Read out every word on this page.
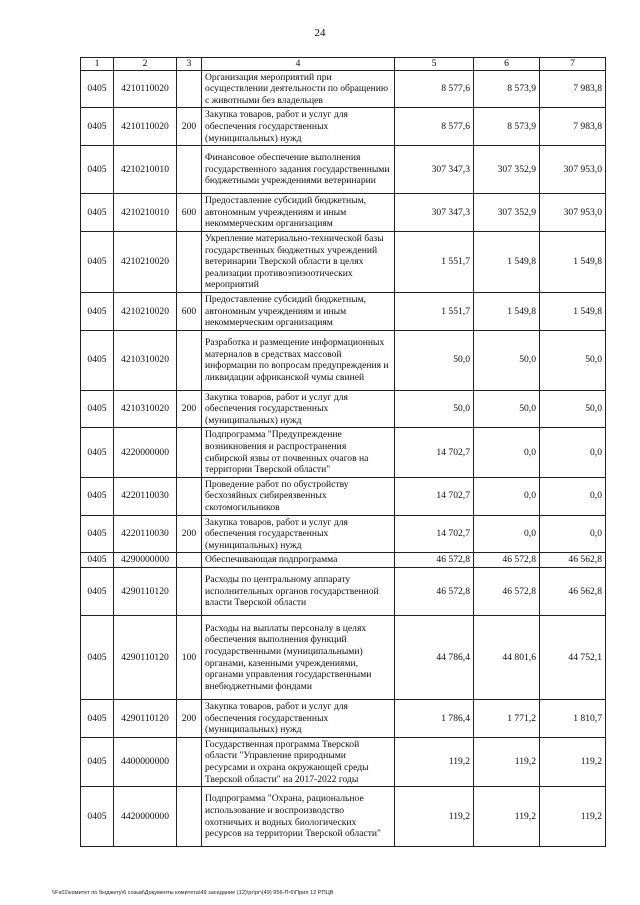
24
1	2	3	4	5	6	7
0405	4210110020		Организация мероприятий при осуществлении деятельности по обращению с животными без владельцев	8 577,6	8 573,9	7 983,8
0405	4210110020	200	Закупка товаров, работ и услуг для обеспечения государственных (муниципальных) нужд	8 577,6	8 573,9	7 983,8
0405	4210210010		Финансовое обеспечение выполнения государственного задания государственными бюджетными учреждениями ветеринарии	307 347,3	307 352,9	307 953,0
0405	4210210010	600	Предоставление субсидий бюджетным, автономным учреждениям и иным некоммерческим организациям	307 347,3	307 352,9	307 953,0
0405	4210210020		Укрепление материально-технической базы государственных бюджетных учреждений ветеринарии Тверской области в целях реализации противоэпизоотических мероприятий	1 551,7	1 549,8	1 549,8
0405	4210210020	600	Предоставление субсидий бюджетным, автономным учреждениям и иным некоммерческим организациям	1 551,7	1 549,8	1 549,8
0405	4210310020		Разработка и размещение информационных материалов в средствах массовой информации по вопросам предупреждения и ликвидации африканской чумы свиней	50,0	50,0	50,0
0405	4210310020	200	Закупка товаров, работ и услуг для обеспечения государственных (муниципальных) нужд	50,0	50,0	50,0
0405	4220000000		Подпрограмма "Предупреждение возникновения и распространения сибирской язвы от почвенных очагов на территории Тверской области"	14 702,7	0,0	0,0
0405	4220110030		Проведение работ по обустройству бесхозяйных сибиреязвенных скотомогильников	14 702,7	0,0	0,0
0405	4220110030	200	Закупка товаров, работ и услуг для обеспечения государственных (муниципальных) нужд	14 702,7	0,0	0,0
0405	4290000000		Обеспечивающая подпрограмма	46 572,8	46 572,8	46 562,8
0405	4290110120		Расходы по центральному аппарату исполнительных органов государственной власти Тверской области	46 572,8	46 572,8	46 562,8
0405	4290110120	100	Расходы на выплаты персоналу в целях обеспечения выполнения функций государственными (муниципальными) органами, казенными учреждениями, органами управления государственными внебюджетными фондами	44 786,4	44 801,6	44 752,1
0405	4290110120	200	Закупка товаров, работ и услуг для обеспечения государственных (муниципальных) нужд	1 786,4	1 771,2	1 810,7
0405	4400000000		Государственная программа Тверской области "Управление природными ресурсами и охрана окружающей среды Тверской области" на 2017-2022 годы	119,2	119,2	119,2
0405	4420000000		Подпрограмма "Охрана, рациональное использование и воспроизводство охотничьих и водных биологических ресурсов на территории Тверской области"	119,2	119,2	119,2
\\Fs01\комитет по бюджету\6 созыв\Документы комитета\49 заседание (12)\рг\рг\(49) 956-П-6\Прил 12 РПЦВ
